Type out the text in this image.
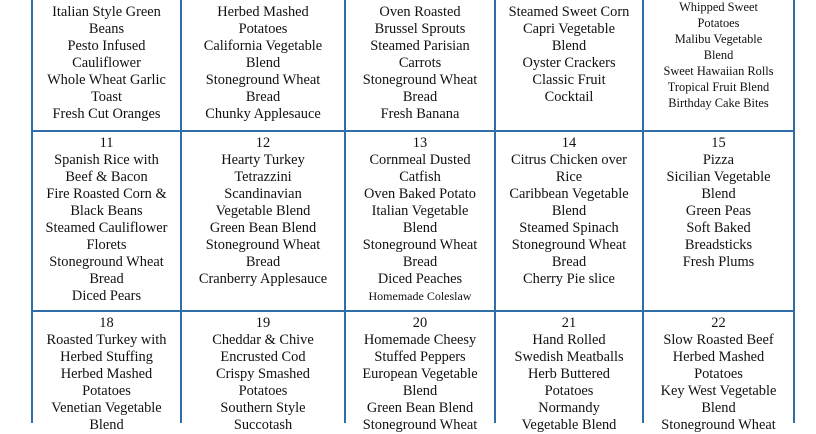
Italian Style Green
Beans
Pesto Infused
Cauliflower
Whole Wheat Garlic
Toast
Fresh Cut Oranges
Herbed Mashed
Potatoes
California Vegetable
Blend
Stoneground Wheat
Bread
Chunky Applesauce
Oven Roasted
Brussel Sprouts
Steamed Parisian
Carrots
Stoneground Wheat
Bread
Fresh Banana
Steamed Sweet Corn
Capri Vegetable
Blend
Oyster Crackers
Classic Fruit
Cocktail
Whipped Sweet
Potatoes
Malibu Vegetable
Blend
Sweet Hawaiian Rolls
Tropical Fruit Blend
Birthday Cake Bites
11
Spanish Rice with
Beef & Bacon
Fire Roasted Corn &
Black Beans
Steamed Cauliflower
Florets
Stoneground Wheat
Bread
Diced Pears
12
Hearty Turkey
Tetrazzini
Scandinavian
Vegetable Blend
Green Bean Blend
Stoneground Wheat
Bread
Cranberry Applesauce
13
Cornmeal Dusted
Catfish
Oven Baked Potato
Italian Vegetable
Blend
Stoneground Wheat
Bread
Diced Peaches
Homemade Coleslaw
14
Citrus Chicken over
Rice
Caribbean Vegetable
Blend
Steamed Spinach
Stoneground Wheat
Bread
Cherry Pie slice
15
Pizza
Sicilian Vegetable
Blend
Green Peas
Soft Baked
Breadsticks
Fresh Plums
18
Roasted Turkey with
Herbed Stuffing
Herbed Mashed
Potatoes
Venetian Vegetable
Blend
19
Cheddar & Chive
Encrusted Cod
Crispy Smashed
Potatoes
Southern Style
Succotash
20
Homemade Cheesy
Stuffed Peppers
European Vegetable
Blend
Green Bean Blend
Stoneground Wheat
21
Hand Rolled
Swedish Meatballs
Herb Buttered
Potatoes
Normandy
Vegetable Blend
22
Slow Roasted Beef
Herbed Mashed
Potatoes
Key West Vegetable
Blend
Stoneground Wheat
